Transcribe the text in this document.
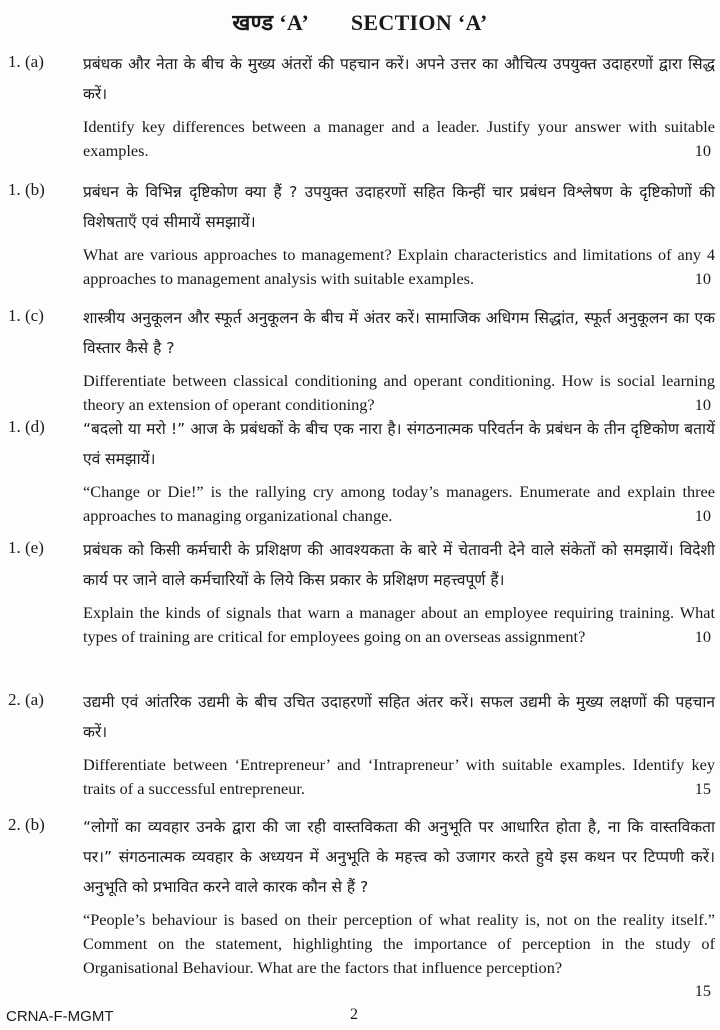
खण्ड ‘A’ SECTION ‘A’
1. (a)	प्रबंधक और नेता के बीच के मुख्य अंतरों की पहचान करें। अपने उत्तर का औचित्य उपयुक्त उदाहरणों द्वारा सिद्ध करें।
Identify key differences between a manager and a leader. Justify your answer with suitable examples.	10
1. (b) प्रबंधन के विभिन्न दृष्टिकोण क्या हैं ? उपयुक्त उदाहरणों सहित किन्हीं चार प्रबंधन विश्लेषण के दृष्टिकोणों की विशेषताएँ एवं सीमायें समझायें।
What are various approaches to management? Explain characteristics and limitations of any 4 approaches to management analysis with suitable examples.	10
1. (c)	शास्त्रीय अनुकूलन और स्फूर्त अनुकूलन के बीच में अंतर करें। सामाजिक अधिगम सिद्धांत, स्फूर्त अनुकूलन का एक विस्तार कैसे है ?
Differentiate between classical conditioning and operant conditioning. How is social learning theory an extension of operant conditioning?	10
1. (d) “बदलो या मरो !” आज के प्रबंधकों के बीच एक नारा है। संगठनात्मक परिवर्तन के प्रबंधन के तीन दृष्टिकोण बतायें एवं समझायें।
“Change or Die!” is the rallying cry among today’s managers. Enumerate and explain three approaches to managing organizational change.	10
1. (e)	प्रबंधक को किसी कर्मचारी के प्रशिक्षण की आवश्यकता के बारे में चेतावनी देने वाले संकेतों को समझायें। विदेशी कार्य पर जाने वाले कर्मचारियों के लिये किस प्रकार के प्रशिक्षण महत्त्वपूर्ण हैं।
Explain the kinds of signals that warn a manager about an employee requiring training. What types of training are critical for employees going on an overseas assignment?	10
2. (a)	उद्यमी एवं आंतरिक उद्यमी के बीच उचित उदाहरणों सहित अंतर करें। सफल उद्यमी के मुख्य लक्षणों की पहचान करें।
Differentiate between ‘Entrepreneur’ and ‘Intrapreneur’ with suitable examples. Identify key traits of a successful entrepreneur.	15
2. (b) “लोगों का व्यवहार उनके द्वारा की जा रही वास्तविकता की अनुभूति पर आधारित होता है, ना कि वास्तविकता पर।” संगठनात्मक व्यवहार के अध्ययन में अनुभूति के महत्त्व को उजागर करते हुये इस कथन पर टिप्पणी करें। अनुभूति को प्रभावित करने वाले कारक कौन से हैं ?
“People’s behaviour is based on their perception of what reality is, not on the reality itself.” Comment on the statement, highlighting the importance of perception in the study of Organisational Behaviour. What are the factors that influence perception?
15
CRNA-F-MGMT	2
